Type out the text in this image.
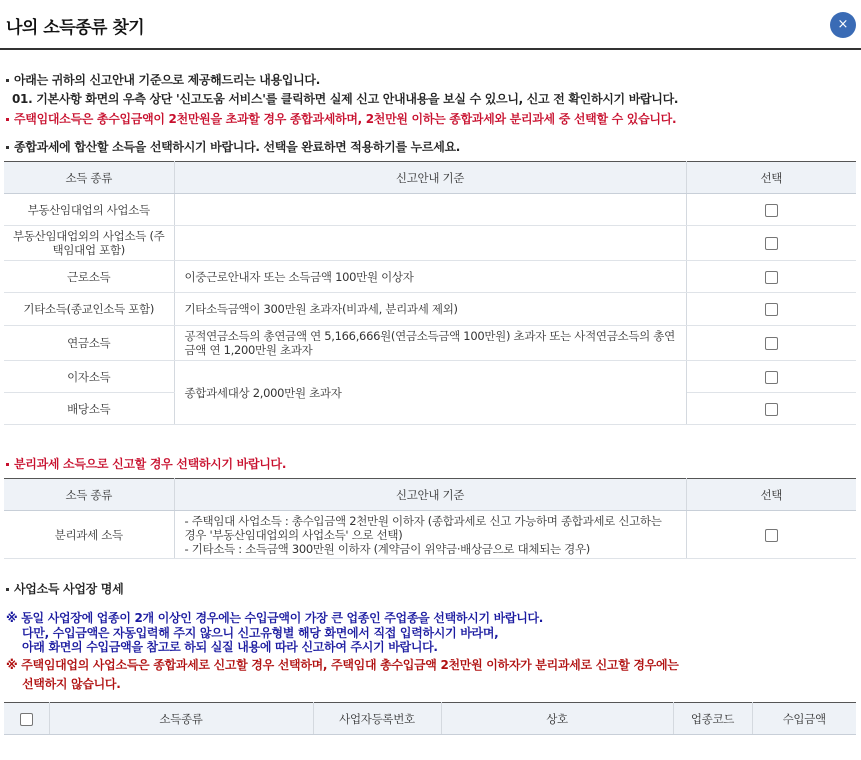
나의 소득종류 찾기	×
아래는 귀하의 신고안내 기준으로 제공해드리는 내용입니다.
01. 기본사항 화면의 우측 상단 '신고도움 서비스'를 클릭하면 실제 신고 안내내용을 보실 수 있으니, 신고 전 확인하시기 바랍니다.
주택임대소득은 총수입금액이 2천만원을 초과할 경우 종합과세하며, 2천만원 이하는 종합과세와 분리과세 중 선택할 수 있습니다.
종합과세에 합산할 소득을 선택하시기 바랍니다. 선택을 완료하면 적용하기를 누르세요.
소득 종류	신고안내 기준	선택
부동산임대업의 사업소득		
부동산임대업외의 사업소득 (주택임대업 포함)		
근로소득	이중근로안내자 또는 소득금액 100만원 이상자	
기타소득(종교인소득 포함)	기타소득금액이 300만원 초과자(비과세, 분리과세 제외)	
연금소득	공적연금소득의 총연금액 연 5,166,666원(연금소득금액 100만원) 초과자 또는 사적연금소득의 총연금액 연 1,200만원 초과자	
이자소득	종합과세대상 2,000만원 초과자	
배당소득		
분리과세 소득으로 신고할 경우 선택하시기 바랍니다.
소득 종류	신고안내 기준	선택
분리과세 소득	- 주택임대 사업소득 : 총수입금액 2천만원 이하자 (종합과세로 신고 가능하며 종합과세로 신고하는 경우 '부동산임대업외의 사업소득' 으로 선택)
- 기타소득 : 소득금액 300만원 이하자 (계약금이 위약금·배상금으로 대체되는 경우)	

사업소득 사업장 명세
※ 동일 사업장에 업종이 2개 이상인 경우에는 수입금액이 가장 큰 업종인 주업종을 선택하시기 바랍니다.
다만, 수입금액은 자동입력해 주지 않으니 신고유형별 해당 화면에서 직접 입력하시기 바라며,
아래 화면의 수입금액을 참고로 하되 실질 내용에 따라 신고하여 주시기 바랍니다.
※ 주택임대업의 사업소득은 종합과세로 신고할 경우 선택하며, 주택임대 총수입금액 2천만원 이하자가 분리과세로 신고할 경우에는
선택하지 않습니다.
	소득종류	사업자등록번호	상호	업종코드	수입금액
